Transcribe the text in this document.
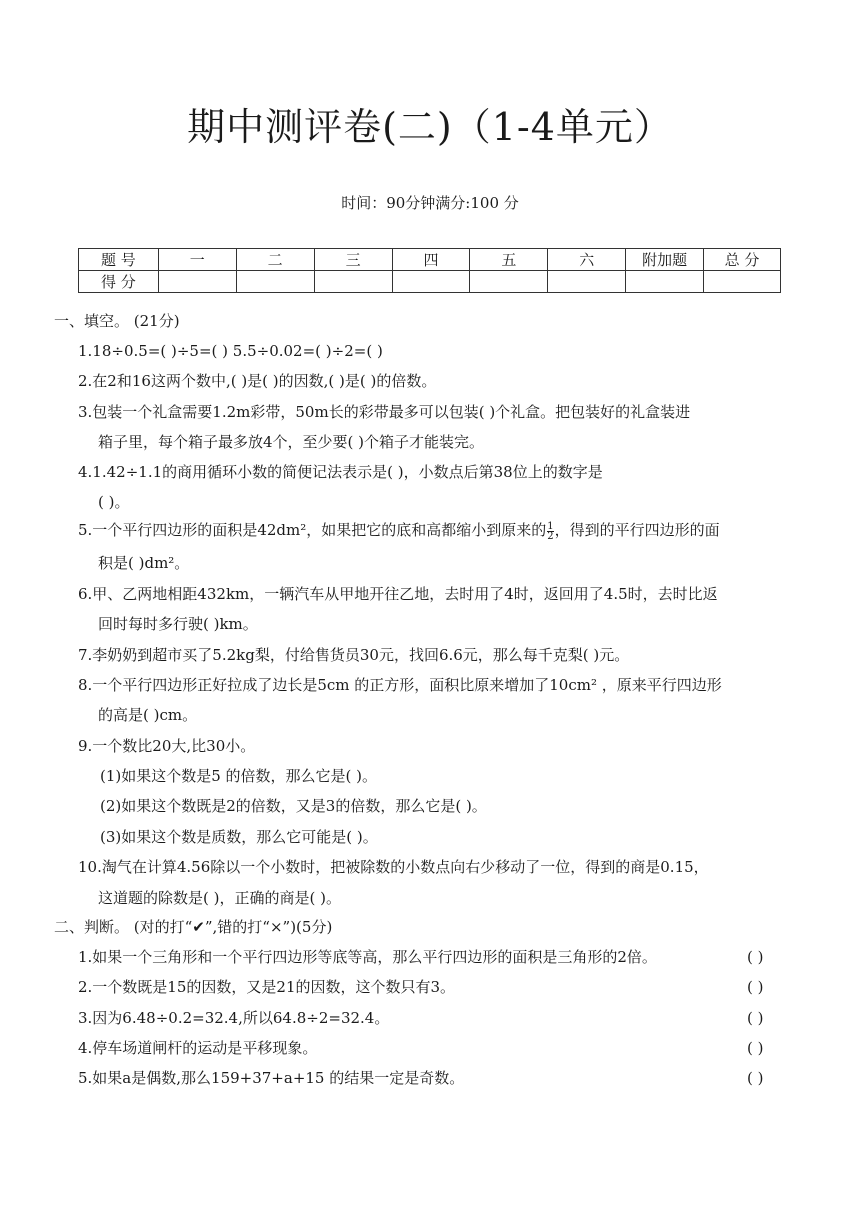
期中测评卷(二)（1-4单元）
时间：90分钟满分:100 分
题 号	一	二	三	四	五	六	附加题	总 分
得 分								
一、填空。 (21分)
1.18÷0.5=( )÷5=( ) 5.5÷0.02=( )÷2=( )
2.在2和16这两个数中,( )是( )的因数,( )是( )的倍数。
3.包装一个礼盒需要1.2m彩带，50m长的彩带最多可以包装( )个礼盒。把包装好的礼盒装进
箱子里，每个箱子最多放4个，至少要( )个箱子才能装完。
4.1.42÷1.1的商用循环小数的简便记法表示是( )，小数点后第38位上的数字是
( )。
5.一个平行四边形的面积是42dm²，如果把它的底和高都缩小到原来的 $\frac{1}{2}$ ，得到的平行四边形的面
积是( )dm²。
6.甲、乙两地相距432km，一辆汽车从甲地开往乙地，去时用了4时，返回用了4.5时，去时比返
回时每时多行驶( )km。
7.李奶奶到超市买了5.2kg梨，付给售货员30元，找回6.6元，那么每千克梨( )元。
8.一个平行四边形正好拉成了边长是5cm 的正方形，面积比原来增加了10cm² ，原来平行四边形
的高是( )cm。
9.一个数比20大,比30小。
(1)如果这个数是5 的倍数，那么它是( )。
(2)如果这个数既是2的倍数，又是3的倍数，那么它是( )。
(3)如果这个数是质数，那么它可能是( )。
10.淘气在计算4.56除以一个小数时，把被除数的小数点向右少移动了一位，得到的商是0.15，
这道题的除数是( )，正确的商是( )。
二、判断。 (对的打“✔”,错的打“×”)(5分)
1.如果一个三角形和一个平行四边形等底等高，那么平行四边形的面积是三角形的2倍。	( )
2.一个数既是15的因数，又是21的因数，这个数只有3。	( )
3.因为6.48÷0.2=32.4,所以64.8÷2=32.4。	( )
4.停车场道闸杆的运动是平移现象。	( )
5.如果a是偶数,那么159+37+a+15 的结果一定是奇数。	( )
